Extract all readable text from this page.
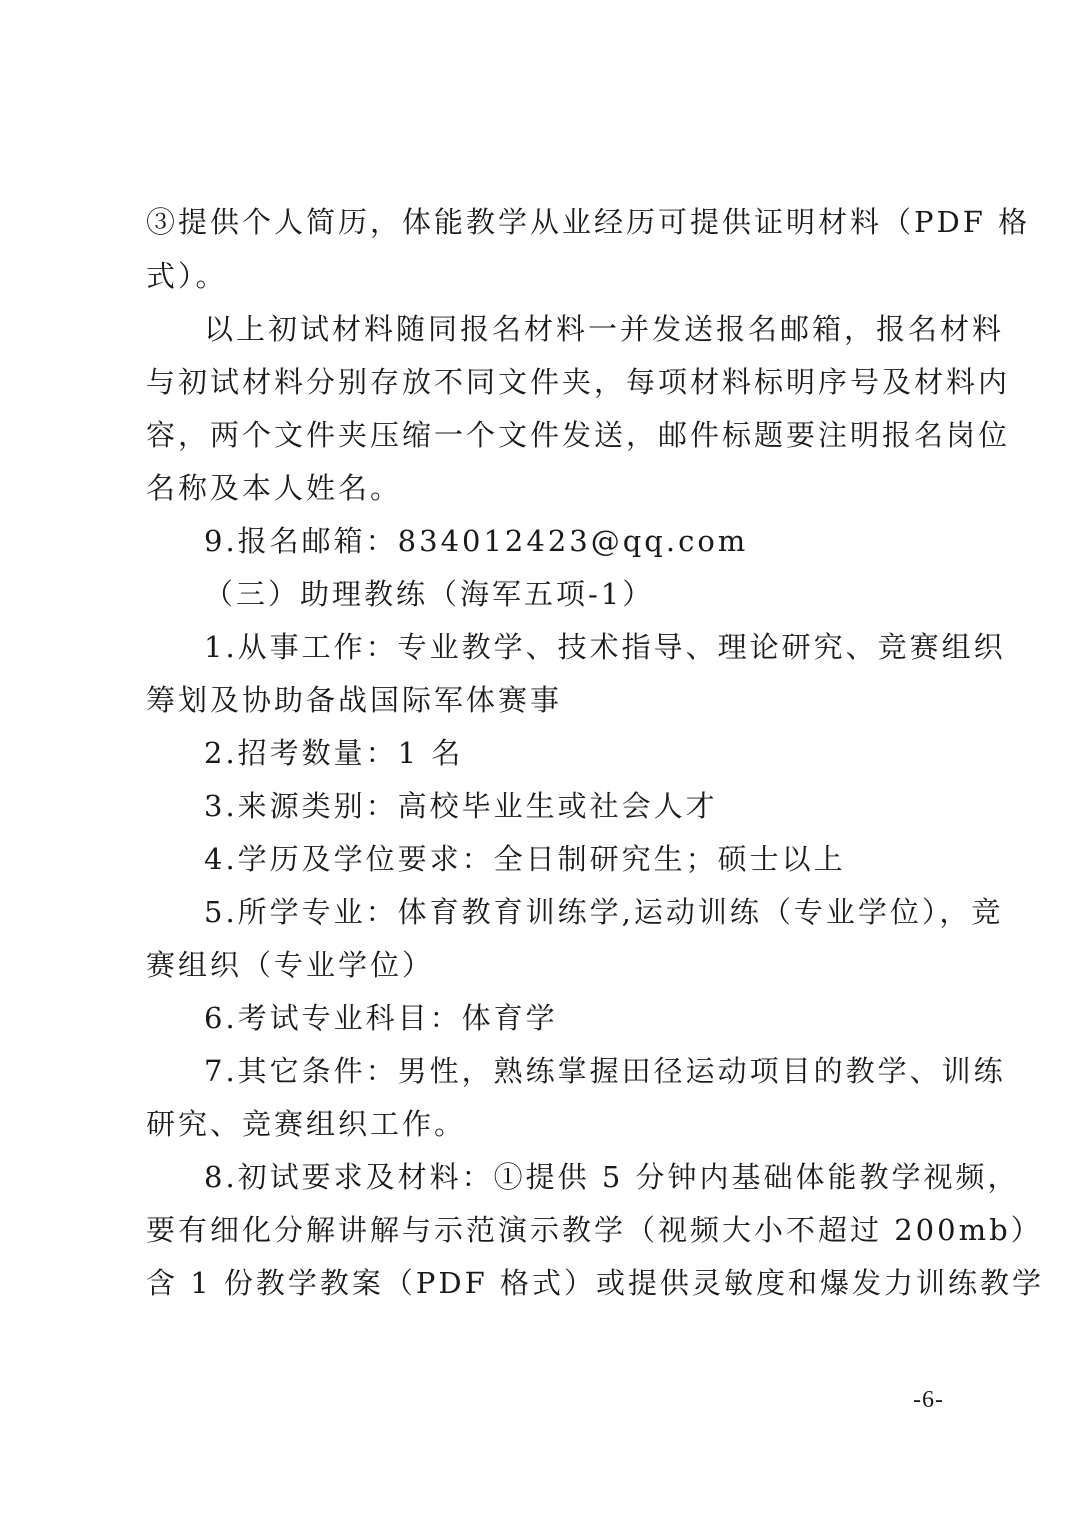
③提供个人简历，体能教学从业经历可提供证明材料（PDF 格
式）。
以上初试材料随同报名材料一并发送报名邮箱，报名材料
与初试材料分别存放不同文件夹，每项材料标明序号及材料内
容，两个文件夹压缩一个文件发送，邮件标题要注明报名岗位
名称及本人姓名。
9.报名邮箱：834012423@qq.com
（三）助理教练（海军五项-1）
1.从事工作：专业教学、技术指导、理论研究、竞赛组织
筹划及协助备战国际军体赛事
2.招考数量：1 名
3.来源类别：高校毕业生或社会人才
4.学历及学位要求：全日制研究生；硕士以上
5.所学专业：体育教育训练学,运动训练（专业学位），竞
赛组织（专业学位）
6.考试专业科目：体育学
7.其它条件：男性，熟练掌握田径运动项目的教学、训练
研究、竞赛组织工作。
8.初试要求及材料：①提供 5 分钟内基础体能教学视频，
要有细化分解讲解与示范演示教学（视频大小不超过 200mb）
含 1 份教学教案（PDF 格式）或提供灵敏度和爆发力训练教学
-6-
